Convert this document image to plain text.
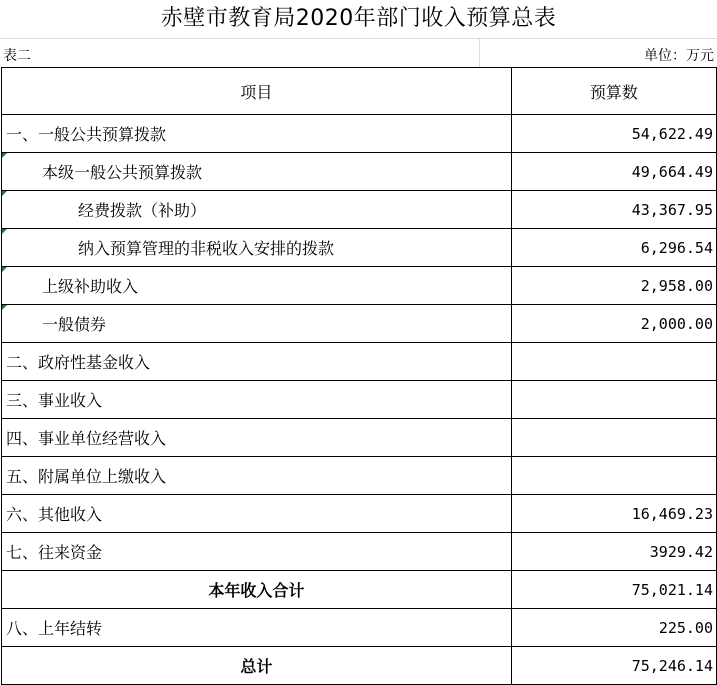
赤壁市教育局2020年部门收入预算总表
表二	单位：万元
项目	预算数
一、一般公共预算拨款	54,622.49

本级一般公共预算拨款	49,664.49

经费拨款（补助）	43,367.95

纳入预算管理的非税收入安排的拨款	6,296.54

上级补助收入	2,958.00

一般债券	2,000.00
二、政府性基金收入	
三、事业收入	
四、事业单位经营收入	
五、附属单位上缴收入	
六、其他收入	16,469.23
七、往来资金	3929.42
本年收入合计	75,021.14
八、上年结转	225.00
总计	75,246.14
